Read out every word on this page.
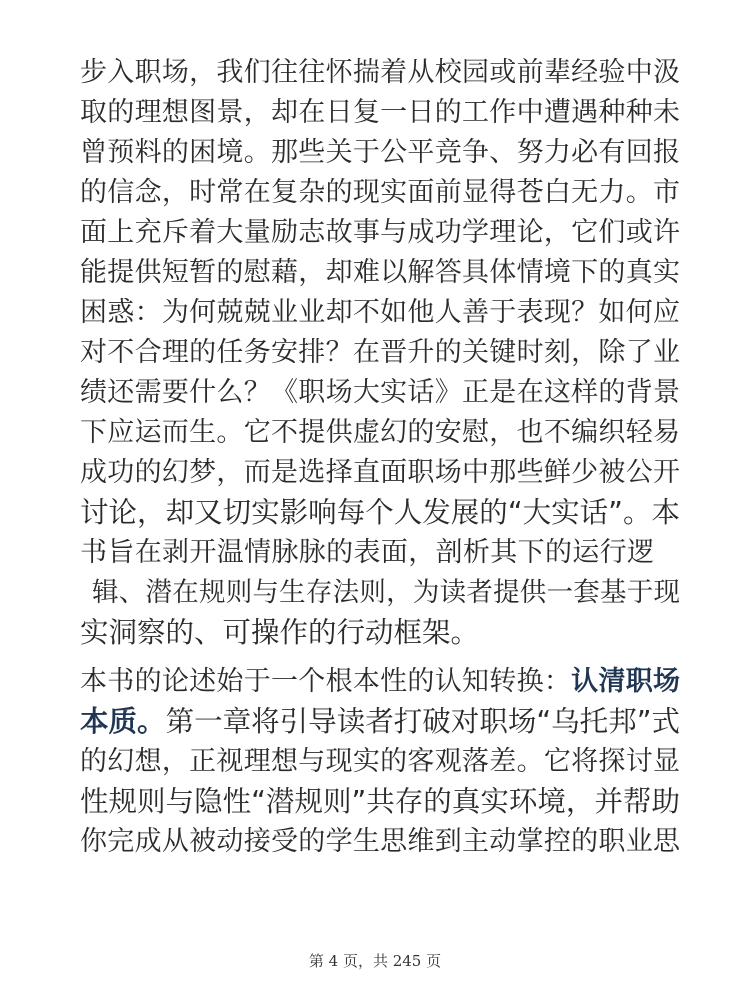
步入职场，我们往往怀揣着从校园或前辈经验中汲
取的理想图景，却在日复一日的工作中遭遇种种未
曾预料的困境。那些关于公平竞争、努力必有回报
的信念，时常在复杂的现实面前显得苍白无力。市
面上充斥着大量励志故事与成功学理论，它们或许
能提供短暂的慰藉，却难以解答具体情境下的真实
困惑：为何兢兢业业却不如他人善于表现？如何应
对不合理的任务安排？在晋升的关键时刻，除了业
绩还需要什么？《职场大实话》正是在这样的背景
下应运而生。它不提供虚幻的安慰，也不编织轻易
成功的幻梦，而是选择直面职场中那些鲜少被公开
讨论，却又切实影响每个人发展的“大实话”。本
书旨在剥开温情脉脉的表面，剖析其下的运行逻
辑、潜在规则与生存法则，为读者提供一套基于现
实洞察的、可操作的行动框架。
本书的论述始于一个根本性的认知转换：认清职场
本质。第一章将引导读者打破对职场“乌托邦”式
的幻想，正视理想与现实的客观落差。它将探讨显
性规则与隐性“潜规则”共存的真实环境，并帮助
你完成从被动接受的学生思维到主动掌控的职业思
第 4 页，共 245 页
